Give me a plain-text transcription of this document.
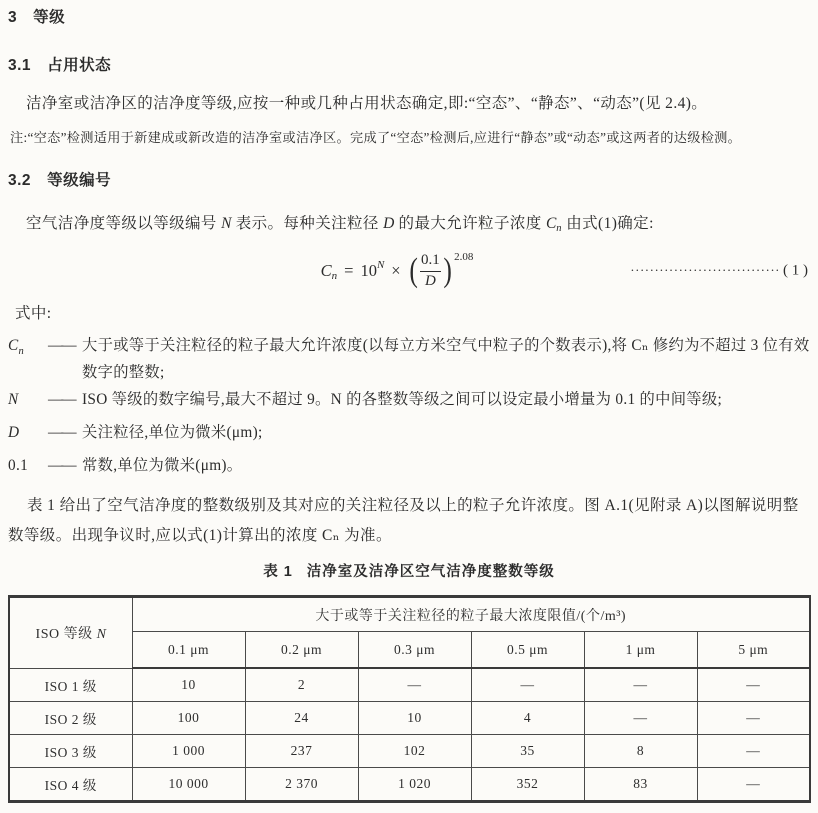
3 等级
3.1 占用状态

洁净室或洁净区的洁净度等级,应按一种或几种占用状态确定,即:“空态”、“静态”、“动态”(见 2.4)。

注:“空态”检测适用于新建成或新改造的洁净室或洁净区。完成了“空态”检测后,应进行“静态”或“动态”或这两者的达级检测。
3.2 等级编号

空气洁净度等级以等级编号 N 表示。每种关注粒径 D 的最大允许粒子浓度 Cn 由式(1)确定:

C n = 10 N × ( $\frac{0.1}{D}$ ) 2.08
······························· ( 1 )
式中:
$C_n$	—— 大于或等于关注粒径的粒子最大允许浓度(以每立方米空气中粒子的个数表示),将 Cₙ 修约为不超过 3 位有效数字的整数;
N	—— ISO 等级的数字编号,最大不超过 9。N 的各整数等级之间可以设定最小增量为 0.1 的中间等级;
D	—— 关注粒径,单位为微米(μm);
0.1	—— 常数,单位为微米(μm)。

表 1 给出了空气洁净度的整数级别及其对应的关注粒径及以上的粒子允许浓度。图 A.1(见附录 A)以图解说明整数等级。出现争议时,应以式(1)计算出的浓度 Cₙ 为准。

表 1 洁净室及洁净区空气洁净度整数等级
ISO 等级 N	大于或等于关注粒径的粒子最大浓度限值/(个/m³)					
	0.1 μm	0.2 μm	0.3 μm	0.5 μm	1 μm	5 μm
ISO 1 级	10	2	—	—	—	—
ISO 2 级	100	24	10	4	—	—
ISO 3 级	1 000	237	102	35	8	—
ISO 4 级	10 000	2 370	1 020	352	83	—
